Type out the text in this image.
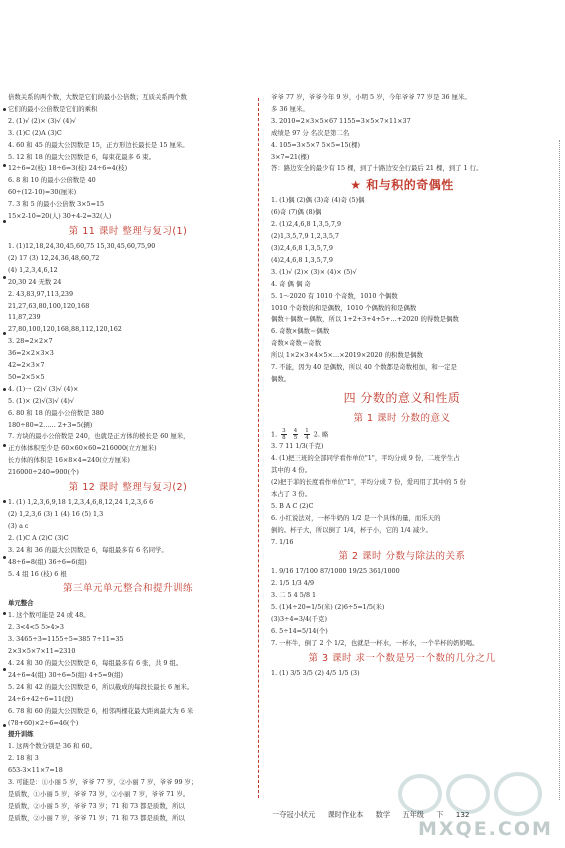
倍数关系的两个数，大数是它们的最小公倍数；互质关系两个数
它们的最小公倍数是它们的乘积
2. (1)√ (2)× (3)√ (4)√
3. (1)C (2)A (3)C
4. 60 和 45 的最大公因数是 15，正方形边长最长是 15 厘米。
5. 12 和 18 的最大公因数是 6，每束花最多 6 束。
12÷6=2(枝) 18÷6=3(枝) 24÷6=4(枝)
6. 8 和 10 的最小公倍数是 40
60÷(12-10)=30(厘米)
7. 3 和 5 的最小公倍数 3×5=15
15×2-10=20(人) 30+4-2=32(人)
第 11 课时 整理与复习(1)
1. (1)12,18,24,30,45,60,75 15,30,45,60,75,90
(2) 17 (3) 12,24,36,48,60,72
(4) 1,2,3,4,6,12
20,30 24 无数 24
2. 43,83,97,113,239
21,27,63,80,100,120,168
11,87,239
27,80,100,120,168,88,112,120,162
3. 28=2×2×7
36=2×2×3×3
42=2×3×7
50=2×5×5
4. (1)一 (2)√ (3)√ (4)×
5. (1)× (2)√(3)√ (4)√
6. 80 和 18 的最小公倍数是 380
180÷80=2…… 2+3=5(辆)
7. 方块的最小公倍数是 240，也就是正方体的棱长是 60 厘米，
正方体体积至少是 60×60×60=216000(立方厘米)
长方体的体积是 16×8×4=240(立方厘米)
216000÷240=900(个)
第 12 课时 整理与复习(2)
1. (1) 1,2,3,6,9,18 1,2,3,4,6,8,12,24 1,2,3,6 6
(2) 1,2,3,6 (3) 1 (4) 16 (5) 1,3
(3) a c
2. (1)C A (2)C (3)C
3. 24 和 36 的最大公因数是 6，每组最多有 6 名同学。
48÷6=8(组) 36÷6=6(组)
5. 4 组 16 (枝) 6 根
第三单元单元整合和提升训练
单元整合
1. 这个数可能是 24 或 48。
2. 3<4<5 5>4>3
3. 3465÷3=1155÷5=385 7÷11=35
2×3×5×7×11=2310
4. 24 和 30 的最大公因数是 6，每组最多有 6 张，共 9 组。
24÷6=4(组) 30÷6=5(组) 4+5=9(组)
5. 24 和 42 的最大公因数是 6，所以截成的每段长最长 6 厘米。
24÷6+42÷6=11(段)
6. 78 和 60 的最大公因数是 6，相邻两棵花最大距离最大为 6 米
(78+60)×2÷6=46(个)
提升训练
1. 这两个数分别是 36 和 60。
2. 18 和 3
653-3×11×7=18
3. 可能是：①小丽 5 岁，爷爷 77 岁，②小丽 7 岁，爷爷 99 岁；
是质数，①小丽 5 岁，爷爷 73 岁，②小丽 7 岁，爷爷 71 岁。
是质数，②小丽 5 岁，爷爷 73 岁；71 和 73 都是质数，所以
是质数，②小丽 7 岁，爷爷 71 岁；71 和 73 都是质数，所以
爷爷 77 岁，爷爷今年 9 岁，小明 5 岁，今年爷爷 77 岁是 36 厘米。
多 36 厘米。
3. 2010=2×3×5×67 1155=3×5×7×11×37
成绩是 97 分 名次是第二名
4. 105=3×5×7 5×5=15(棵)
3×7=21(棵)
答：路边安全的最少有 15 棵，到了十路边安全行最后 21 棵，到了 1 行。
★ 和与积的奇偶性
1. (1)偶 (2)偶 (3)奇 (4)奇 (5)偶
(6)奇 (7)偶 (8)偶
2. (1)2,4,6,8 1,3,5,7,9
(2)1,3,5,7,9 1,2,3,5,7
(3)2,4,6,8 1,3,5,7,9
(4)2,4,6,8 1,3,5,7,9
3. (1)√ (2)× (3)× (4)× (5)√
4. 奇 偶 偶 奇
5. 1～2020 有 1010 个奇数，1010 个偶数
1010 个奇数的和是偶数，1010 个偶数的和是偶数
偶数＋偶数＝偶数，所以 1+2+3+4+5+…+2020 的得数是偶数
6. 奇数×偶数＝偶数
奇数×奇数＝奇数
所以 1×2×3×4×5×…×2019×2020 的积数是偶数
7. 不能，因为 40 是偶数，所以 40 个数都是奇数相加，和一定是
偶数。
四 分数的意义和性质
第 1 课时 分数的意义
1. $\frac{3}{8}$
$\frac{4}{5}$
$\frac{1}{4} 2$. 略
3. 7 11 1/3(千克)
4. (1)把三班的全部同学看作单位"1"，平均分成 9 份，二班学生占
其中的 4 份。
(2)把于菲的长度看作单位"1"，平均分成 7 份，爱玛用了其中的 5 份
本占了 3 份。
5. B A C (2)C
6. 小红说法对，一杯牛奶的 1/2 是一个具体的量，而乐天的
倒的。杯子大，所以倒了 1/4，杯子小，它的 1/4 减少。
7. 1/16
第 2 课时 分数与除法的关系
1. 9/16 17/100 87/1000 19/25 361/1000
2. 1/5 1/3 4/9
3. 二 5 4 5/8 1
5. (1)4÷20=1/5(米) (2)6÷5=1/5(米)
(3)3÷4=3/4(千克)
6. 5÷14=5/14(个)
7. 一杯牛，倒了 2 个 1/2，也就是一杯水，一杯水，一个半杯的奶奶喝。
第 3 课时 求一个数是另一个数的几分之几
1. (1) 3/5 3/5 (2) 4/5 1/5 (3)
MXQE.COM
一夺冠小状元 课时作业本 数学 五年级 下 132
